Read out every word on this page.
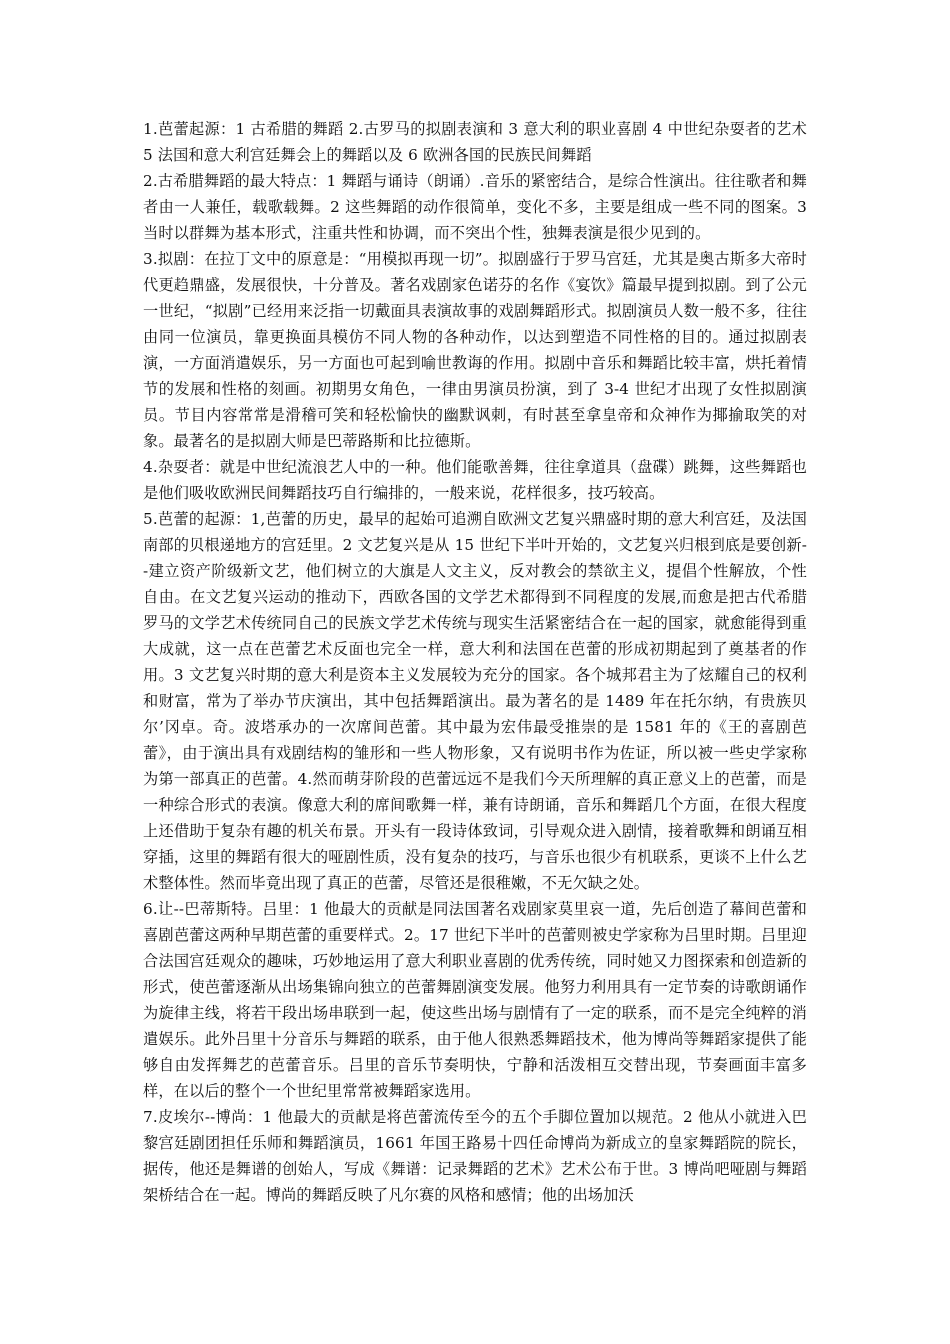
1.芭蕾起源：1 古希腊的舞蹈 2.古罗马的拟剧表演和 3 意大利的职业喜剧 4 中世纪杂耍者的艺术 5 法国和意大利宫廷舞会上的舞蹈以及 6 欧洲各国的民族民间舞蹈

2.古希腊舞蹈的最大特点：1 舞蹈与诵诗（朗诵）.音乐的紧密结合，是综合性演出。往往歌者和舞者由一人兼任，载歌载舞。2 这些舞蹈的动作很简单，变化不多，主要是组成一些不同的图案。3 当时以群舞为基本形式，注重共性和协调，而不突出个性，独舞表演是很少见到的。

3.拟剧：在拉丁文中的原意是：“用模拟再现一切”。拟剧盛行于罗马宫廷，尤其是奥古斯多大帝时代更趋鼎盛，发展很快，十分普及。著名戏剧家色诺芬的名作《宴饮》篇最早提到拟剧。到了公元一世纪，“拟剧”已经用来泛指一切戴面具表演故事的戏剧舞蹈形式。拟剧演员人数一般不多，往往由同一位演员，靠更换面具模仿不同人物的各种动作，以达到塑造不同性格的目的。通过拟剧表演，一方面消遣娱乐，另一方面也可起到喻世教诲的作用。拟剧中音乐和舞蹈比较丰富，烘托着情节的发展和性格的刻画。初期男女角色，一律由男演员扮演，到了 3-4 世纪才出现了女性拟剧演员。节目内容常常是滑稽可笑和轻松愉快的幽默讽刺，有时甚至拿皇帝和众神作为揶揄取笑的对象。最著名的是拟剧大师是巴蒂路斯和比拉德斯。

4.杂耍者：就是中世纪流浪艺人中的一种。他们能歌善舞，往往拿道具（盘碟）跳舞，这些舞蹈也是他们吸收欧洲民间舞蹈技巧自行编排的，一般来说，花样很多，技巧较高。

5.芭蕾的起源：1,芭蕾的历史，最早的起始可追溯自欧洲文艺复兴鼎盛时期的意大利宫廷，及法国南部的贝根递地方的宫廷里。2 文艺复兴是从 15 世纪下半叶开始的，文艺复兴归根到底是要创新--建立资产阶级新文艺，他们树立的大旗是人文主义，反对教会的禁欲主义，提倡个性解放，个性自由。在文艺复兴运动的推动下，西欧各国的文学艺术都得到不同程度的发展,而愈是把古代希腊罗马的文学艺术传统同自己的民族文学艺术传统与现实生活紧密结合在一起的国家，就愈能得到重大成就，这一点在芭蕾艺术反面也完全一样，意大利和法国在芭蕾的形成初期起到了奠基者的作用。3 文艺复兴时期的意大利是资本主义发展较为充分的国家。各个城邦君主为了炫耀自己的权利和财富，常为了举办节庆演出，其中包括舞蹈演出。最为著名的是 1489 年在托尔纳，有贵族贝尔’冈卓。奇。波塔承办的一次席间芭蕾。其中最为宏伟最受推崇的是 1581 年的《王的喜剧芭蕾》，由于演出具有戏剧结构的雏形和一些人物形象，又有说明书作为佐证，所以被一些史学家称为第一部真正的芭蕾。4.然而萌芽阶段的芭蕾远远不是我们今天所理解的真正意义上的芭蕾，而是一种综合形式的表演。像意大利的席间歌舞一样，兼有诗朗诵，音乐和舞蹈几个方面，在很大程度上还借助于复杂有趣的机关布景。开头有一段诗体致词，引导观众进入剧情，接着歌舞和朗诵互相穿插，这里的舞蹈有很大的哑剧性质，没有复杂的技巧，与音乐也很少有机联系，更谈不上什么艺术整体性。然而毕竟出现了真正的芭蕾，尽管还是很稚嫩，不无欠缺之处。

6.让--巴蒂斯特。吕里：1 他最大的贡献是同法国著名戏剧家莫里哀一道，先后创造了幕间芭蕾和喜剧芭蕾这两种早期芭蕾的重要样式。2。17 世纪下半叶的芭蕾则被史学家称为吕里时期。吕里迎合法国宫廷观众的趣味，巧妙地运用了意大利职业喜剧的优秀传统，同时她又力图探索和创造新的形式，使芭蕾逐渐从出场集锦向独立的芭蕾舞剧演变发展。他努力利用具有一定节奏的诗歌朗诵作为旋律主线，将若干段出场串联到一起，使这些出场与剧情有了一定的联系，而不是完全纯粹的消遣娱乐。此外吕里十分音乐与舞蹈的联系，由于他人很熟悉舞蹈技术，他为博尚等舞蹈家提供了能够自由发挥舞艺的芭蕾音乐。吕里的音乐节奏明快，宁静和活泼相互交替出现，节奏画面丰富多样，在以后的整个一个世纪里常常被舞蹈家选用。

7.皮埃尔--博尚：1 他最大的贡献是将芭蕾流传至今的五个手脚位置加以规范。2 他从小就进入巴黎宫廷剧团担任乐师和舞蹈演员，1661 年国王路易十四任命博尚为新成立的皇家舞蹈院的院长，据传，他还是舞谱的创始人，写成《舞谱：记录舞蹈的艺术》艺术公布于世。3 博尚吧哑剧与舞蹈架桥结合在一起。博尚的舞蹈反映了凡尔赛的风格和感情；他的出场加沃
